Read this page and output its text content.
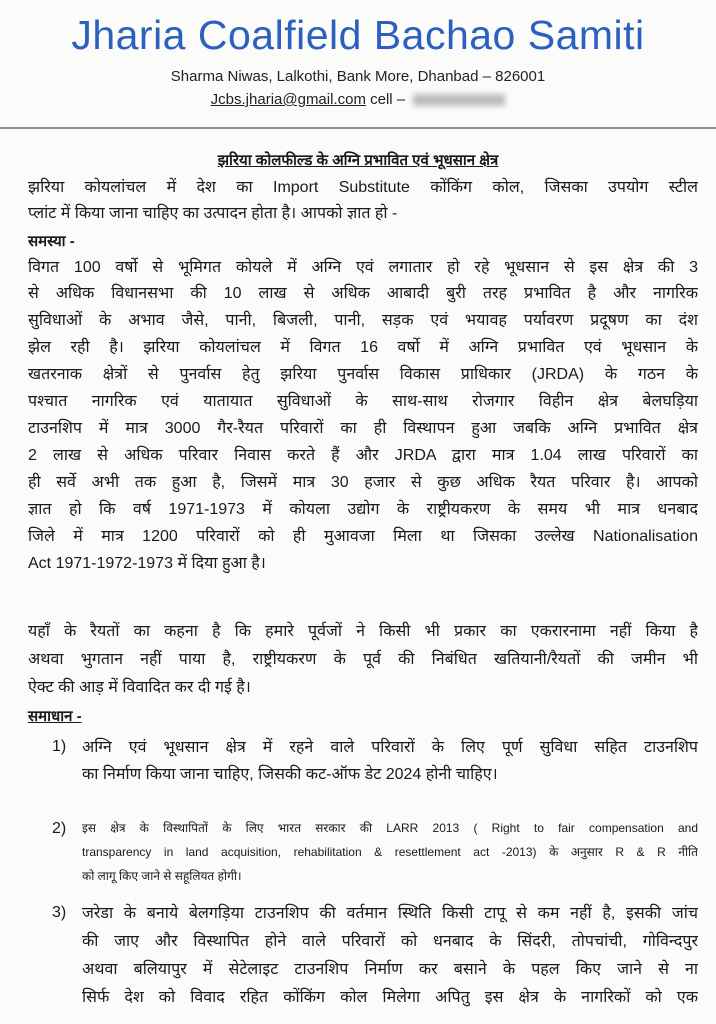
Jharia Coalfield Bachao Samiti
Sharma Niwas, Lalkothi, Bank More, Dhanbad – 826001
Jcbs.jharia@gmail.com cell –
झरिया कोलफील्ड के अग्नि प्रभावित एवं भूधसान क्षेत्र
झरिया कोयलांचल में देश का Import Substitute कोंकिंग कोल, जिसका उपयोग स्टील
प्लांट में किया जाना चाहिए का उत्पादन होता है। आपको ज्ञात हो -
समस्या -
विगत 100 वर्षो से भूमिगत कोयले में अग्नि एवं लगातार हो रहे भूधसान से इस क्षेत्र की 3
से अधिक विधानसभा की 10 लाख से अधिक आबादी बुरी तरह प्रभावित है और नागरिक
सुविधाओं के अभाव जैसे, पानी, बिजली, पानी, सड़क एवं भयावह पर्यावरण प्रदूषण का दंश
झेल रही है। झरिया कोयलांचल में विगत 16 वर्षो में अग्नि प्रभावित एवं भूधसान के
खतरनाक क्षेत्रों से पुनर्वास हेतु झरिया पुनर्वास विकास प्राधिकार (JRDA) के गठन के
पश्चात नागरिक एवं यातायात सुविधाओं के साथ-साथ रोजगार विहीन क्षेत्र बेलघड़िया
टाउनशिप में मात्र 3000 गैर-रैयत परिवारों का ही विस्थापन हुआ जबकि अग्नि प्रभावित क्षेत्र
2 लाख से अधिक परिवार निवास करते हैं और JRDA द्वारा मात्र 1.04 लाख परिवारों का
ही सर्वे अभी तक हुआ है, जिसमें मात्र 30 हजार से कुछ अधिक रैयत परिवार है। आपको
ज्ञात हो कि वर्ष 1971-1973 में कोयला उद्योग के राष्ट्रीयकरण के समय भी मात्र धनबाद
जिले में मात्र 1200 परिवारों को ही मुआवजा मिला था जिसका उल्लेख Nationalisation
Act 1971-1972-1973 में दिया हुआ है।
यहाँ के रैयतों का कहना है कि हमारे पूर्वजों ने किसी भी प्रकार का एकरारनामा नहीं किया है
अथवा भुगतान नहीं पाया है, राष्ट्रीयकरण के पूर्व की निबंधित खतियानी/रैयतों की जमीन भी
ऐक्ट की आड़ में विवादित कर दी गई है।
समाधान -
1) अग्नि एवं भूधसान क्षेत्र में रहने वाले परिवारों के लिए पूर्ण सुविधा सहित टाउनशिप
का निर्माण किया जाना चाहिए, जिसकी कट-ऑफ डेट 2024 होनी चाहिए।
2) इस क्षेत्र के विस्थापितों के लिए भारत सरकार की LARR 2013 ( Right to fair compensation and
transparency in land acquisition, rehabilitation & resettlement act -2013) के अनुसार R & R नीति
को लागू किए जाने से सहूलियत होगी।
3) जरेडा के बनाये बेलगड़िया टाउनशिप की वर्तमान स्थिति किसी टापू से कम नहीं है, इसकी जांच
की जाए और विस्थापित होने वाले परिवारों को धनबाद के सिंदरी, तोपचांची, गोविन्दपुर
अथवा बलियापुर में सेटेलाइट टाउनशिप निर्माण कर बसाने के पहल किए जाने से ना
सिर्फ देश को विवाद रहित कोंकिंग कोल मिलेगा अपितु इस क्षेत्र के नागरिकों को एक
